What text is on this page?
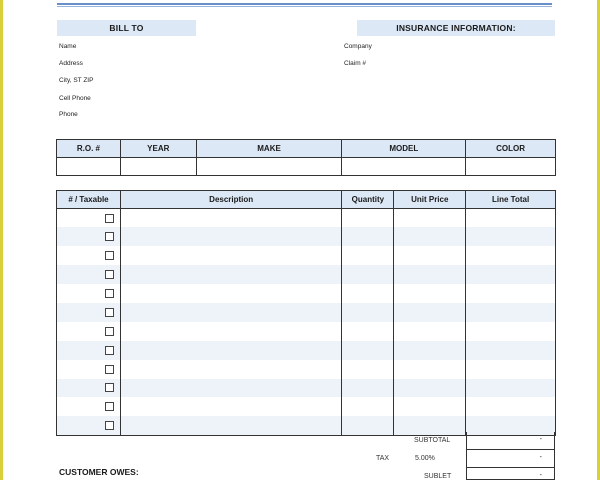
BILL TO	INSURANCE INFORMATION:
Name
Address
City, ST ZIP
Cell Phone
Phone
Company
Claim #
R.O. #	YEAR	MAKE	MODEL	COLOR

# / Taxable	Description	Quantity	Unit Price	Line Total

SUBTOTAL	-
TAX	5.00%	-
SUBLET	-
CUSTOMER OWES:
